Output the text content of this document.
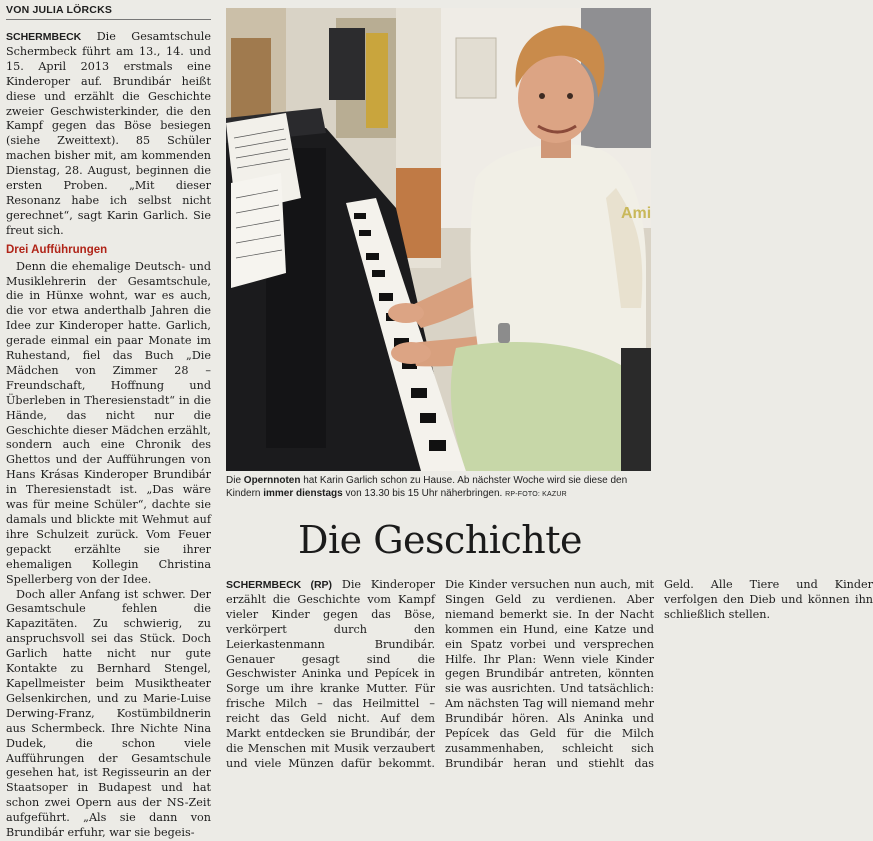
VON JULIA LÖRCKS

SCHERMBECK Die Gesamtschule Schermbeck führt am 13., 14. und 15. April 2013 erstmals eine Kinderoper auf. Brundibár heißt diese und erzählt die Geschichte zweier Geschwisterkinder, die den Kampf gegen das Böse besiegen (siehe Zweittext). 85 Schüler machen bisher mit, am kommenden Dienstag, 28. August, beginnen die ersten Proben. „Mit dieser Resonanz habe ich selbst nicht gerechnet“, sagt Karin Garlich. Sie freut sich.

Drei Aufführungen

Denn die ehemalige Deutsch- und Musiklehrerin der Gesamtschule, die in Hünxe wohnt, war es auch, die vor etwa anderthalb Jahren die Idee zur Kinderoper hatte. Garlich, gerade einmal ein paar Monate im Ruhestand, fiel das Buch „Die Mädchen von Zimmer 28 – Freundschaft, Hoffnung und Überleben in Theresienstadt“ in die Hände, das nicht nur die Geschichte dieser Mädchen erzählt, sondern auch eine Chronik des Ghettos und der Aufführungen von Hans Krásas Kinderoper Brundibár in Theresienstadt ist. „Das wäre was für meine Schüler“, dachte sie damals und blickte mit Wehmut auf ihre Schulzeit zurück. Vom Feuer gepackt erzählte sie ihrer ehemaligen Kollegin Christina Spellerberg von der Idee.

Doch aller Anfang ist schwer. Der Gesamtschule fehlen die Kapazitäten. Zu schwierig, zu anspruchsvoll sei das Stück. Doch Garlich hatte nicht nur gute Kontakte zu Bernhard Stengel, Kapellmeister beim Musiktheater Gelsenkirchen, und zu Marie-Luise Derwing-Franz, Kostümbildnerin aus Schermbeck. Ihre Nichte Nina Dudek, die schon viele Aufführungen der Gesamtschule gesehen hat, ist Regisseurin an der Staatsoper in Budapest und hat schon zwei Opern aus der NS-Zeit aufgeführt. „Als sie dann von Brundibár erfuhr, war sie begeis-

Ami
Die Opernnoten hat Karin Garlich schon zu Hause. Ab nächster Woche wird sie diese den Kindern immer dienstags von 13.30 bis 15 Uhr näherbringen. RP-FOTO: KAZUR
Die Geschichte

SCHERMBECK (RP) Die Kinderoper erzählt die Geschichte vom Kampf vieler Kinder gegen das Böse, verkörpert durch den Leierkastenmann Brundibár. Genauer gesagt sind die Geschwister Aninka und Pepícek in Sorge um ihre kranke Mutter. Für frische Milch – das Heilmittel – reicht das Geld nicht. Auf dem Markt entdecken sie Brundibár, der die Menschen mit Musik verzaubert und viele Münzen dafür bekommt. Die Kinder versuchen nun auch, mit Singen Geld zu verdienen. Aber niemand bemerkt sie. In der Nacht kommen ein Hund, eine Katze und ein Spatz vorbei und versprechen Hilfe. Ihr Plan: Wenn viele Kinder gegen Brundibár antreten, könnten sie was ausrichten. Und tatsächlich: Am nächsten Tag will niemand mehr Brundibár hören. Als Aninka und Pepícek das Geld für die Milch zusammenhaben, schleicht sich Brundibár heran und stiehlt das Geld. Alle Tiere und Kinder verfolgen den Dieb und können ihn schließlich stellen.
